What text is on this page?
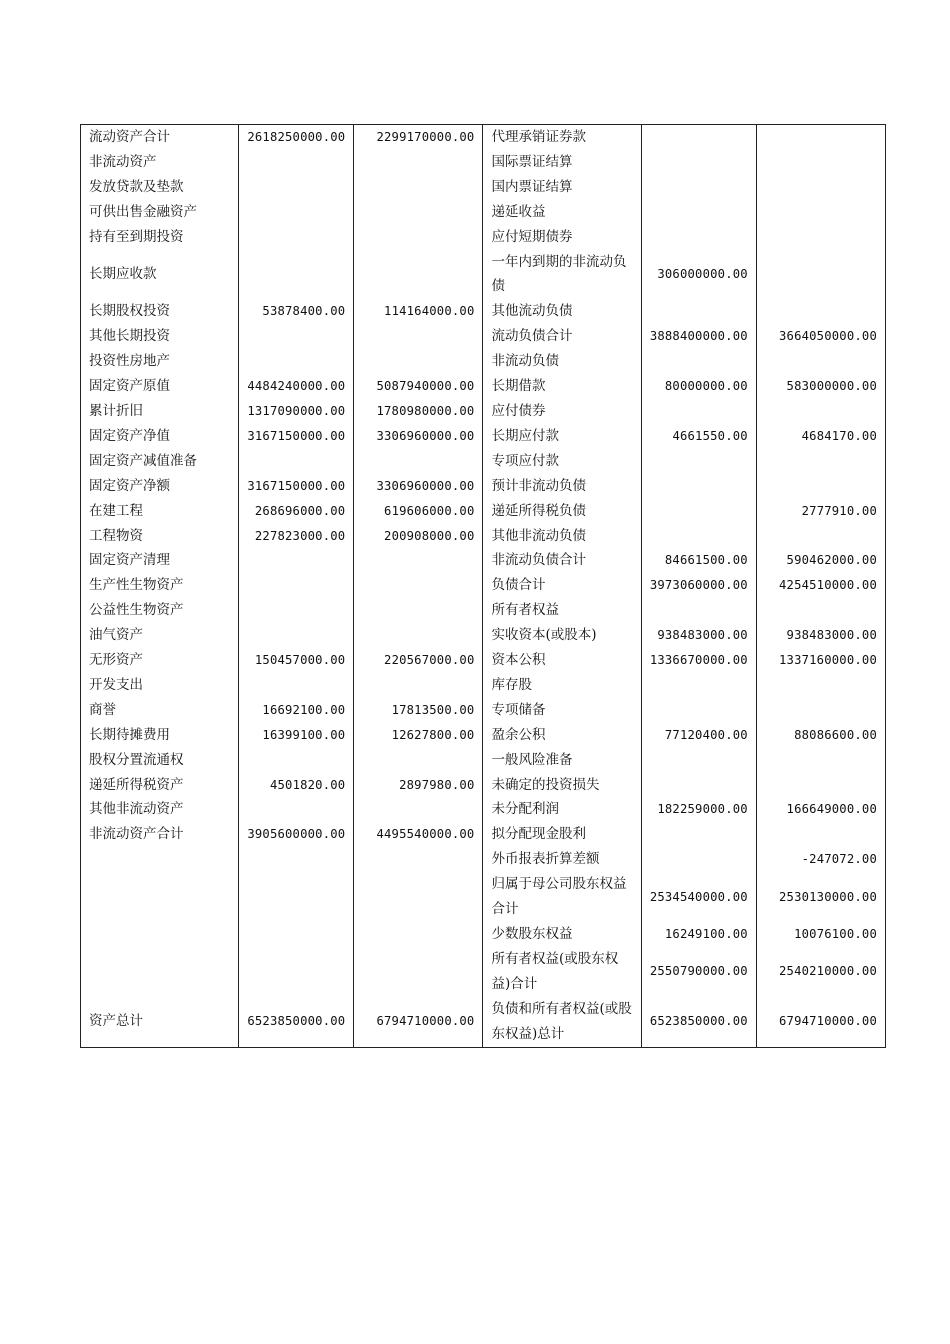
流动资产合计	2618250000.00	2299170000.00	代理承销证券款		
非流动资产			国际票证结算		
发放贷款及垫款			国内票证结算		
可供出售金融资产			递延收益		
持有至到期投资			应付短期债券		
长期应收款			一年内到期的非流动负债	306000000.00	
长期股权投资	53878400.00	114164000.00	其他流动负债		
其他长期投资			流动负债合计	3888400000.00	3664050000.00
投资性房地产			非流动负债		
固定资产原值	4484240000.00	5087940000.00	长期借款	80000000.00	583000000.00
累计折旧	1317090000.00	1780980000.00	应付债券		
固定资产净值	3167150000.00	3306960000.00	长期应付款	4661550.00	4684170.00
固定资产减值准备			专项应付款		
固定资产净额	3167150000.00	3306960000.00	预计非流动负债		
在建工程	268696000.00	619606000.00	递延所得税负债		2777910.00
工程物资	227823000.00	200908000.00	其他非流动负债		
固定资产清理			非流动负债合计	84661500.00	590462000.00
生产性生物资产			负债合计	3973060000.00	4254510000.00
公益性生物资产			所有者权益		
油气资产			实收资本(或股本)	938483000.00	938483000.00
无形资产	150457000.00	220567000.00	资本公积	1336670000.00	1337160000.00
开发支出			库存股		
商誉	16692100.00	17813500.00	专项储备		
长期待摊费用	16399100.00	12627800.00	盈余公积	77120400.00	88086600.00
股权分置流通权			一般风险准备		
递延所得税资产	4501820.00	2897980.00	未确定的投资损失		
其他非流动资产			未分配利润	182259000.00	166649000.00
非流动资产合计	3905600000.00	4495540000.00	拟分配现金股利		
			外币报表折算差额		-247072.00
			归属于母公司股东权益合计	2534540000.00	2530130000.00
			少数股东权益	16249100.00	10076100.00
			所有者权益(或股东权益)合计	2550790000.00	2540210000.00
资产总计	6523850000.00	6794710000.00	负债和所有者权益(或股东权益)总计	6523850000.00	6794710000.00
